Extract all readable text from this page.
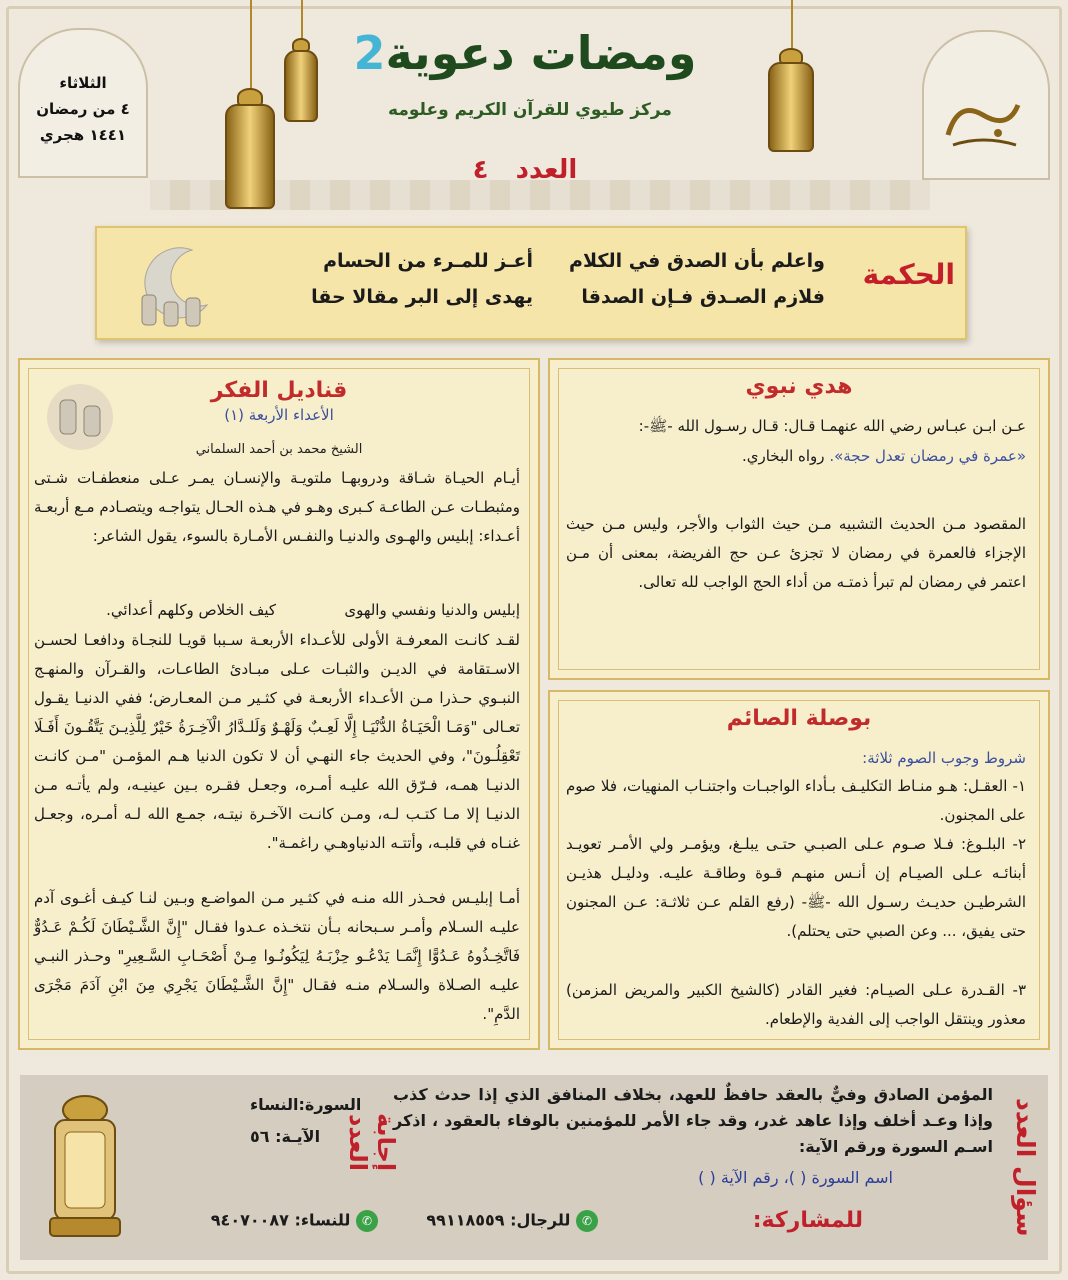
الثلاثاء
٤ من رمضان
١٤٤١ هجري
ومضات دعوية2
مركز طيوي للقرآن الكريم وعلومه
العدد ٤
الحكمة
واعلم بأن الصدق في الكلام
أعـز للمـرء من الحسام
فلازم الصـدق فـإن الصدقا
يهدى إلى البر مقالا حقا
هدي نبوي
عـن ابـن عبـاس رضي الله عنهمـا قـال: قـال رسـول الله -ﷺ-:
«عمرة في رمضان تعدل حجة». رواه البخاري.
المقصود مـن الحديث التشبيه مـن حيث الثواب والأجر، وليس مـن حيث الإجزاء فالعمرة في رمضان لا تجزئ عـن حج الفريضة، بمعنى أن مـن اعتمر في رمضان لم تبرأ ذمتـه من أداء الحج الواجب لله تعالى.
بوصلة الصائم
شروط وجوب الصوم ثلاثة:
١- العقـل: هـو منـاط التكليـف بـأداء الواجبـات واجتنـاب المنهيات، فلا صوم على المجنون.
٢- البلـوغ: فـلا صـوم عـلى الصبـي حتـى يبلـغ، ويؤمـر ولي الأمـر تعويـد أبنائـه عـلى الصيـام إن أنـس منهـم قـوة وطاقـة عليـه. ودليـل هذيـن الشرطيـن حديـث رسـول الله -ﷺ- (رفع القلم عـن ثلاثـة: عـن المجنون حتى يفيق، ... وعن الصبي حتى يحتلم).
٣- القـدرة عـلى الصيـام: فغير القادر (كالشيخ الكبير والمريض المزمن) معذور وينتقل الواجب إلى الفدية والإطعام.
قناديل الفكر
الأعداء الأربعة (١)
الشيخ محمد بن أحمد السلماني
أيـام الحيـاة شـاقة ودروبهـا ملتويـة والإنسـان يمـر عـلى منعطفـات شـتى ومثبطـات عـن الطاعـة كـبرى وهـو في هـذه الحـال يتواجـه ويتصـادم مـع أربعـة أعـداء: إبليس والهـوى والدنيـا والنفـس الأمـارة بالسوء، يقول الشاعر:
إبليس والدنيا ونفسي والهوى
كيف الخلاص وكلهم أعدائي.
لقـد كانـت المعرفـة الأولى للأعـداء الأربعـة سـببا قويـا للنجـاة ودافعـا لحسـن الاسـتقامة في الديـن والثبـات عـلى مبـادئ الطاعـات، والقـرآن والمنهـج النبـوي حـذرا مـن الأعـداء الأربعـة في كثـير مـن المعـارض؛ ففي الدنيـا يقـول تعـالى "وَمَـا الْحَيَـاةُ الدُّنْيَـا إِلَّا لَعِـبٌ وَلَهْـوٌ وَلَلـدَّارُ الْآخِـرَةُ خَيْرٌ لِلَّذِيـنَ يَتَّقُـونَ أَفَـلَا تَعْقِلُـونَ"، وفي الحديث جاء النهـي أن لا تكون الدنيا هـم المؤمـن "مـن كانـت الدنيـا همـه، فـرّق الله عليـه أمـره، وجعـل فقـره بـين عينيـه، ولم يأتـه مـن الدنيـا إلا مـا كتـب لـه، ومـن كانـت الآخـرة نيتـه، جمـع الله لـه أمـره، وجعـل غنـاه في قلبـه، وأتتـه الدنياوهـي راغمـة".
أمـا إبليـس فحـذر الله منـه في كثـير مـن المواضـع وبـين لنـا كيـف أغـوى آدم عليـه السـلام وأمـر سـبحانه بـأن نتخـذه عـدوا فقـال "إِنَّ الشَّـيْطَانَ لَكُـمْ عَـدُوٌّ فَاتَّخِـذُوهُ عَـدُوًّا إِنَّمَـا يَدْعُـو حِزْبَـهُ لِيَكُونُـوا مِـنْ أَصْحَـابِ السَّـعِيرِ" وحـذر النبـي عليـه الصـلاة والسـلام منـه فقـال "إِنَّ الشَّـيْطَانَ يَجْرِي مِنَ ابْنِ آدَمَ مَجْرَى الدَّمِ".
سؤال العدد
المؤمن الصادق وفيٌّ بالعقد حافظٌ للعهد، بخلاف المنافق الذي إذا حدث كذب وإذا وعـد أخلف وإذا عاهد غدر، وقد جاء الأمر للمؤمنين بالوفاء بالعقود ، اذكر اسـم السورة ورقم الآية:
اسم السورة ( )، رقم الآية ( )
إجابة العدد
السورة:النساء
الآيـة: ٥٦
للمشاركة:
✆ للرجال: ٩٩١١٨٥٥٩
✆ للنساء: ٩٤٠٧٠٠٨٧
